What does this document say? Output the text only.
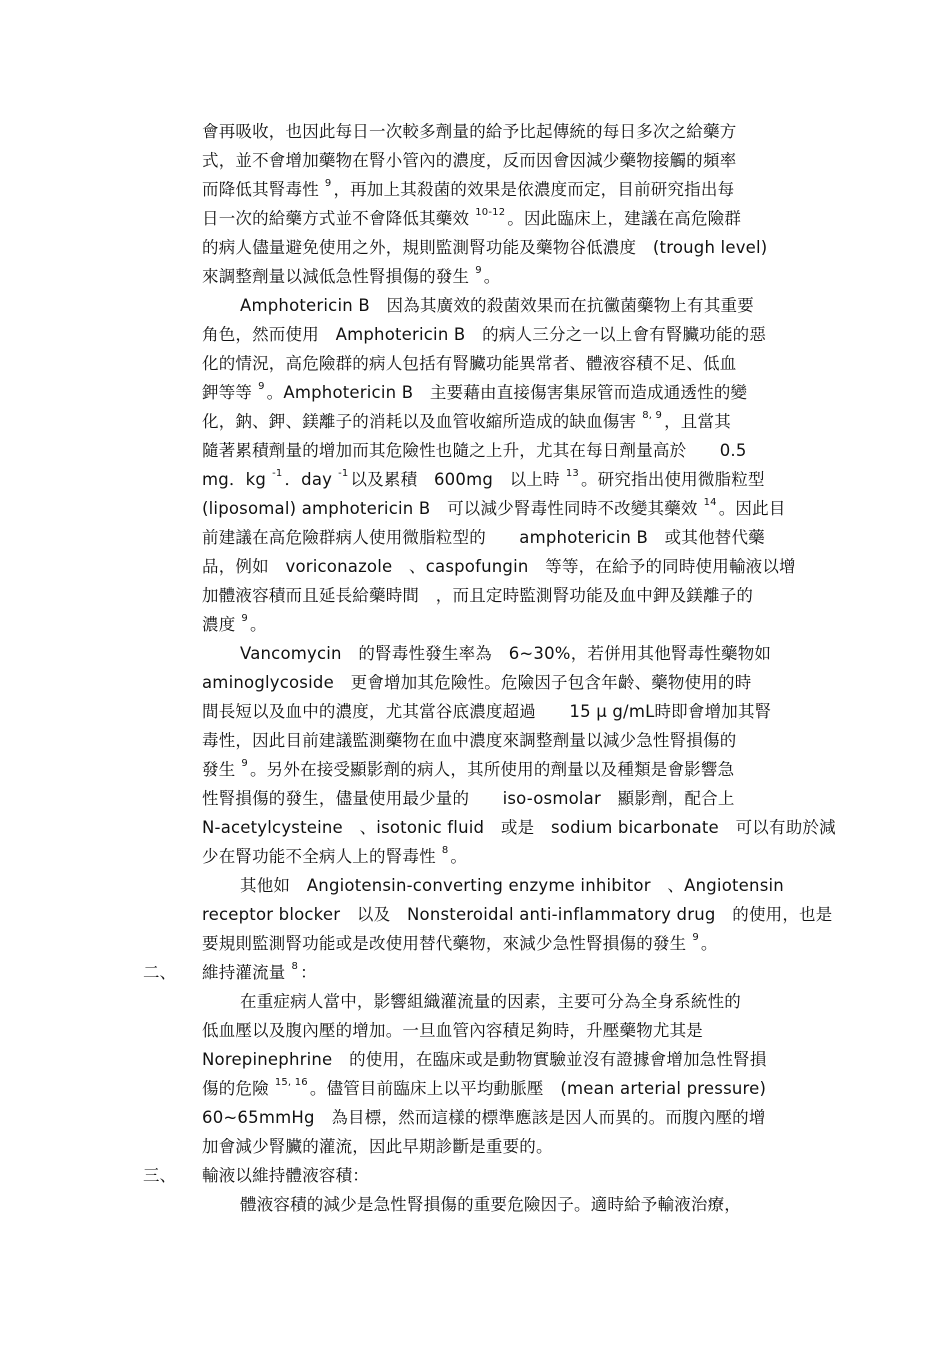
會再吸收，也因此每日一次較多劑量的給予比起傳統的每日多次之給藥方
式，並不會增加藥物在腎小管內的濃度，反而因會因減少藥物接觸的頻率
而降低其腎毒性 $^9$ ，再加上其殺菌的效果是依濃度而定，目前研究指出每
日一次的給藥方式並不會降低其藥效 $^{10-12}$ 。因此臨床上，建議在高危險群
的病人儘量避免使用之外，規則監測腎功能及藥物谷低濃度　(trough level)
來調整劑量以減低急性腎損傷的發生 $^9$ 。
Amphotericin B　因為其廣效的殺菌效果而在抗黴菌藥物上有其重要
角色，然而使用　Amphotericin B　的病人三分之一以上會有腎臟功能的惡
化的情況，高危險群的病人包括有腎臟功能異常者、體液容積不足、低血
鉀等等 $^9$ 。Amphotericin B　主要藉由直接傷害集尿管而造成通透性的變
化，鈉、鉀、鎂離子的消耗以及血管收縮所造成的缺血傷害 $^{8, 9}$ ，且當其
隨著累積劑量的增加而其危險性也隨之上升，尤其在每日劑量高於　　0.5
mg．kg $^{-1}$ ．day $^{-1}$ 以及累積　600mg　以上時 $^{13}$ 。研究指出使用微脂粒型
(liposomal) amphotericin B　可以減少腎毒性同時不改變其藥效 $^{14}$ 。因此目
前建議在高危險群病人使用微脂粒型的　　amphotericin B　或其他替代藥
品，例如　voriconazole　、caspofungin　等等，在給予的同時使用輸液以增
加體液容積而且延長給藥時間　，而且定時監測腎功能及血中鉀及鎂離子的
濃度 $^9$ 。
Vancomycin　的腎毒性發生率為　6~30%，若併用其他腎毒性藥物如
aminoglycoside　更會增加其危險性。危險因子包含年齡、藥物使用的時
間長短以及血中的濃度，尤其當谷底濃度超過　　15 μ g/mL時即會增加其腎
毒性，因此目前建議監測藥物在血中濃度來調整劑量以減少急性腎損傷的
發生 $^9$ 。另外在接受顯影劑的病人，其所使用的劑量以及種類是會影響急
性腎損傷的發生，儘量使用最少量的　　iso-osmolar　顯影劑，配合上
N-acetylcysteine　、isotonic fluid　或是　sodium bicarbonate　可以有助於減
少在腎功能不全病人上的腎毒性 $^8$ 。
其他如　Angiotensin-converting enzyme inhibitor　、Angiotensin
receptor blocker　以及　Nonsteroidal anti-inflammatory drug　的使用，也是
要規則監測腎功能或是改使用替代藥物，來減少急性腎損傷的發生 $^9$ 。
二、 維持灌流量 $^8$ ：
在重症病人當中，影響組織灌流量的因素，主要可分為全身系統性的
低血壓以及腹內壓的增加。一旦血管內容積足夠時，升壓藥物尤其是
Norepinephrine　的使用，在臨床或是動物實驗並沒有證據會增加急性腎損
傷的危險 $^{15, 16}$ 。儘管目前臨床上以平均動脈壓　(mean arterial pressure)
60~65mmHg　為目標，然而這樣的標準應該是因人而異的。而腹內壓的增
加會減少腎臟的灌流，因此早期診斷是重要的。
三、 輸液以維持體液容積：
體液容積的減少是急性腎損傷的重要危險因子。適時給予輸液治療，
